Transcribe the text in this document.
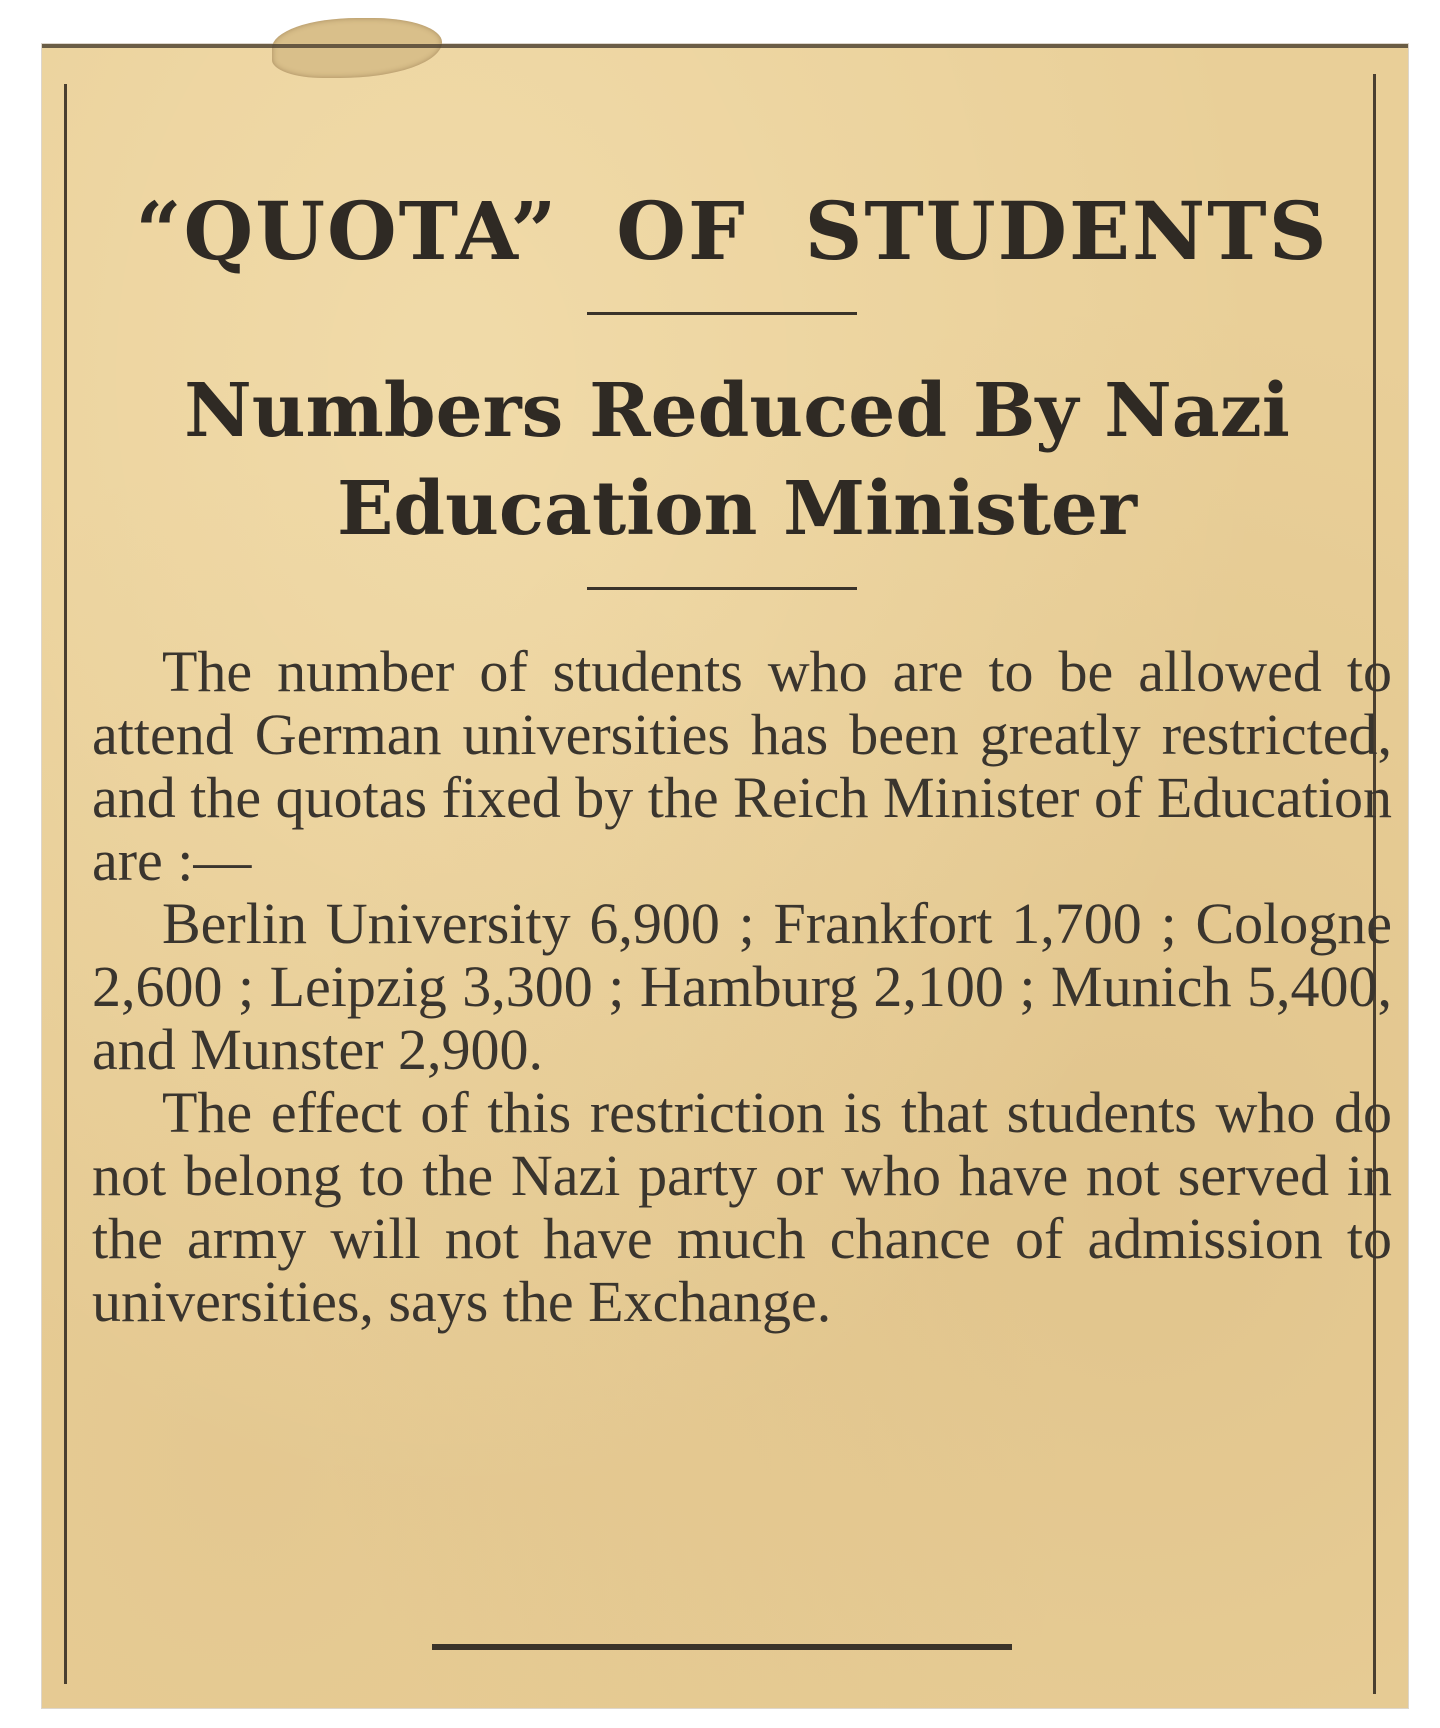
“QUOTA” OF STUDENTS
Numbers Reduced By Nazi Education Minister

The number of students who are to be allowed to attend German universities has been greatly restricted, and the quotas fixed by the Reich Minister of Education are :—

Berlin University 6,900 ; Frankfort 1,700 ; Cologne 2,600 ; Leipzig 3,300 ; Hamburg 2,100 ; Munich 5,400, and Munster 2,900.

The effect of this restriction is that students who do not belong to the Nazi party or who have not served in the army will not have much chance of admission to universities, says the Exchange.
